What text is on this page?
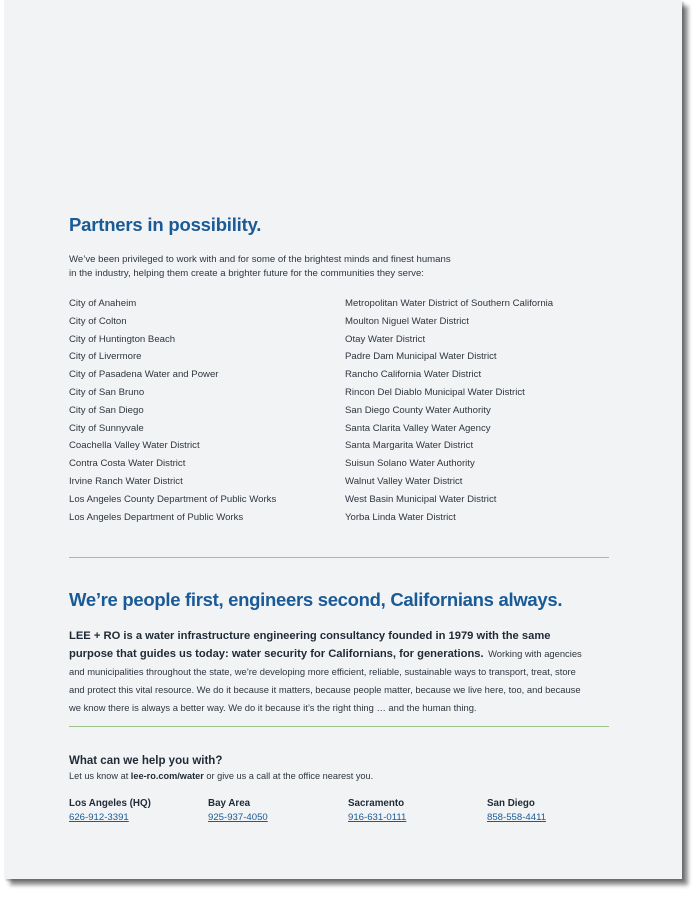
Partners in possibility.
We’ve been privileged to work with and for some of the brightest minds and finest humans
in the industry, helping them create a brighter future for the communities they serve:
City of Anaheim
City of Colton
City of Huntington Beach
City of Livermore
City of Pasadena Water and Power
City of San Bruno
City of San Diego
City of Sunnyvale
Coachella Valley Water District
Contra Costa Water District
Irvine Ranch Water District
Los Angeles County Department of Public Works
Los Angeles Department of Public Works
Metropolitan Water District of Southern California
Moulton Niguel Water District
Otay Water District
Padre Dam Municipal Water District
Rancho California Water District
Rincon Del Diablo Municipal Water District
San Diego County Water Authority
Santa Clarita Valley Water Agency
Santa Margarita Water District
Suisun Solano Water Authority
Walnut Valley Water District
West Basin Municipal Water District
Yorba Linda Water District
We’re people first, engineers second, Californians always.
LEE + RO is a water infrastructure engineering consultancy founded in 1979 with the same purpose that guides us today: water security for Californians, for generations. Working with agencies and municipalities throughout the state, we’re developing more efficient, reliable, sustainable ways to transport, treat, store and protect this vital resource. We do it because it matters, because people matter, because we live here, too, and because we know there is always a better way. We do it because it’s the right thing … and the human thing.
What can we help you with?
Let us know at lee-ro.com/water or give us a call at the office nearest you.
Los Angeles (HQ)
626-912-3391
Bay Area
925-937-4050
Sacramento
916-631-0111
San Diego
858-558-4411
